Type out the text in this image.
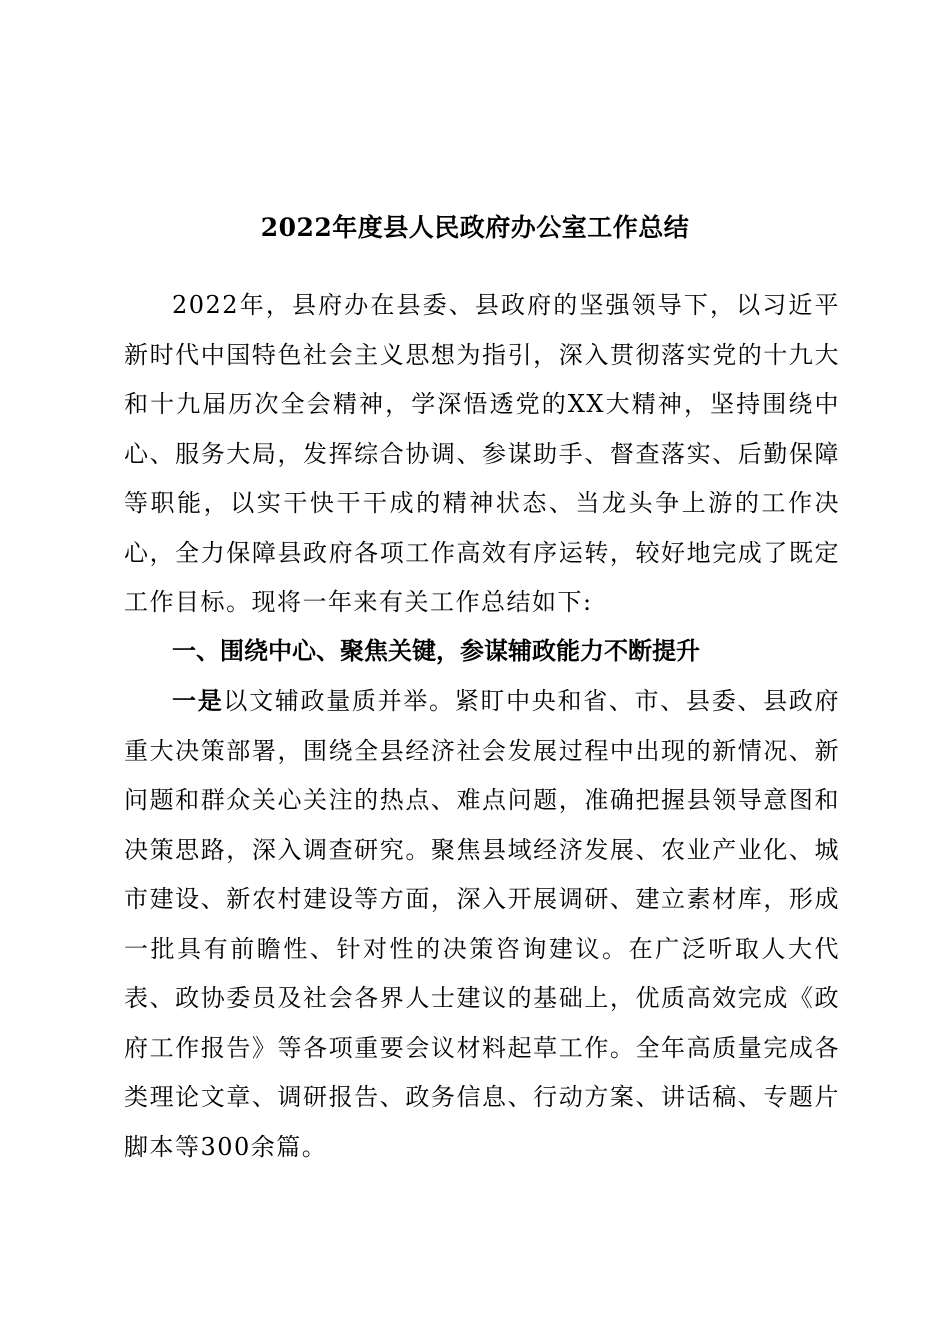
2022年度县人民政府办公室工作总结

2022年，县府办在县委、县政府的坚强领导下，以习近平新时代中国特色社会主义思想为指引，深入贯彻落实党的十九大和十九届历次全会精神，学深悟透党的XX大精神，坚持围绕中心、服务大局，发挥综合协调、参谋助手、督查落实、后勤保障等职能，以实干快干干成的精神状态、当龙头争上游的工作决心，全力保障县政府各项工作高效有序运转，较好地完成了既定工作目标。现将一年来有关工作总结如下:

一、围绕中心、聚焦关键，参谋辅政能力不断提升

一是以文辅政量质并举。紧盯中央和省、市、县委、县政府重大决策部署，围绕全县经济社会发展过程中出现的新情况、新问题和群众关心关注的热点、难点问题，准确把握县领导意图和决策思路，深入调查研究。聚焦县域经济发展、农业产业化、城市建设、新农村建设等方面，深入开展调研、建立素材库，形成一批具有前瞻性、针对性的决策咨询建议。在广泛听取人大代表、政协委员及社会各界人士建议的基础上，优质高效完成《政府工作报告》等各项重要会议材料起草工作。全年高质量完成各类理论文章、调研报告、政务信息、行动方案、讲话稿、专题片脚本等300余篇。
